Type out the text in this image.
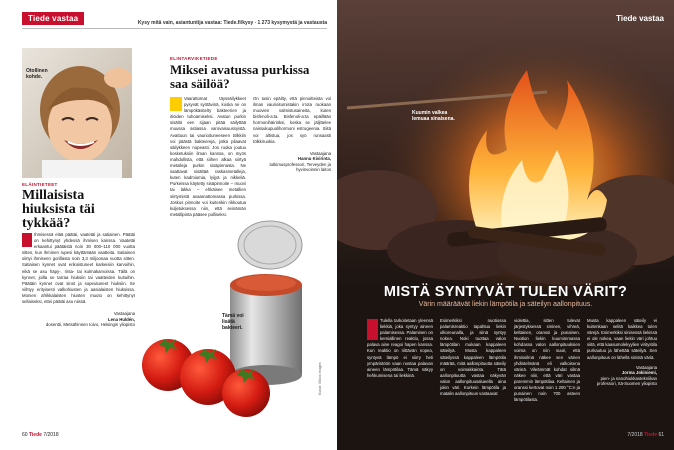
Tiede vastaa	Kysy mitä vain, asiantuntija vastaa: Tiede.fi/kysy ∙ 1 273 kysymystä ja vastausta
Otollinen kohde.
ELÄINTIETEET
Millaisista hiuksista täi tykkää?
Ihmisessä elää päätäi, vaatetäi ja satiainen. Päätäi on kehittynyt yhdessä ihmisen kanssa. Vaatetäi erkaantui päätäistä noin 30 000–110 000 vuotta sitten, kun ihminen rupesi käyttämään vaatteita. Satiainen siirtyi ihmiseen gorillasta noin 3,3 miljoonaa vuotta sitten. Satiaisen kynnet ovat erikoistuneet karkeisiin karvoihin, eikä se asu häpy-, rinta- tai kulmakarvoissa. Täilä on kynnet, joilla se tarraa hiuksiin tai vaatteiden kuituihin. Päätäin kynnet ovat siroit ja sopeutuneet hiuksiin. Se viihtyy erityisesti valkohiusten ja aasialaisten hiuksissa. Monien afrikkalaisten hiusten muoto on kehittynyt sellaiseksi, ettei päätäi asu niissä.
Vastaajana
Lena Huldén,
dosentti, Metsähinnen toivo, Helsingin yliopisto
ELINTARVIKETIEDE
Miksei avatussa purkissa saa säilöä?
Vaarattomat täyssäilykkeet pysyvät syötävinä, koska ne on lämpökäsitelty bakteerien ja itiöiden tuhoamiseksi. Avatun purkin sisältö een sijaan pitää säilyttää muussa astiassa varovaisuussyistä. Avattuun tai vaurioituneeseen tölkkiin voi päästä bakteereja, jotka pilaavat säilykkeen nopeasti. Jos ruoka joutuu kosketuksiin ilman kanssa, on myös mahdollista, että siihen alkaa siirtyä metalleja purkin sisäpinnasta. Ne saattavat sisältää raskasmetalleja, kuten kadmiumia, lyijyä ja nikkeliä. Purkeissa käytetty sisäpinnoite – muovi tai lakka – ehkäisee metallien siirtymistä avaamattomassa purkissa. Joskus pinnoite voi kuitenkin rikkoutua kuljetuksessa niin, että seinämän metallipinta pääsee pulliseksi.
On tosin epäilty, että pinnoitteista voi ilman vaurioitumistakin irrota ruokaan muovien valmistusaineita, kuten bisfenoli-a:ta. Bisfenoli-a:ta epäillään hormonihäiriöksi, koska se jäljittelee naissukupuolihormoni estrogeenia. Siitä voi altistua, jos syö runsaasti tölkkiruokia.
Vastaajana
Hannu Kivirinta,
tutkimusprofessori, Terveyden ja hyvinvoinnin laitos
Tämä voi lisätä bakteeri.
Kuvat: iStock images
60 Tiede 7/2018
Tiede vastaa
Kuumin valkea lemuaa sinaisena.
MISTÄ SYNTYVÄT TULEN VÄRIT?
Värin määräävät liekin lämpötila ja säteilyn aallonpituus.
Tulella tarkoitetaan yleensä liekkiä, joka syntyy aineen palamisessa. Palaminen on kemiallinen reaktio, jossa palava aine reagoi hapen kanssa. Kun reaktio on riittävän nopea, syntyvä lämpö ei siirry heti ympäristöön vaan nostaa palavan aineen lämpötilaa. Tämä näkyy hehkumisena tai liekkinä.
Esimerkiksi nuotiossa palamisreaktio tapahtuu liekin ulkoreunalla, ja siinä syntyy nokea. Noki tuottaa valon lämpötilan mukaan kappaleen säteilyä. Musta kappaleen säteilyssä kappaleen lämpötila määrää, mitä aallonpituutta säteily on voimakkainta. Tätä aallonpituutta vastaa näkyvän valon aallonpituusalueella aina jokin väri. Korkein lämpötila ja matalin aallonpituus vastaavat
violettia, sitten tulevat järjestyksessä sininen, vihreä, keltainen, oranssi ja punainen. Nuotion liekin kuumimmassa kohdassa valon aallonpituuksien voima on niin suuri, että ihmissilmä näkee sen värien yhdistelmänä eli valkoisena värinä. Vileämmät kohdat silmä näkee niin, että väri vastaa paremmin lämpötilaa. Keltainen ja oranssi kertovat noin 1 200 °C:n ja punainen noin 700 asteen lämpötilasta.
Musta kappaleen säteily ei kuitenkaan selitä kaikkea tulen värejä. Esimerkiksi sinisessä liekissä ei ole nokea, vaan liekin väri johtuu siitä, että kaasumolekyylien viritystila purkautuu ja lähettää säteilyä. Sen aallonpituus on lähellä sinistä väriä.
Vastaajana
Jorma Jokiniemi,
pien- ja nanohiukkastekniikan professori, Itä-Suomen yliopisto
7/2018 Tiede 61
